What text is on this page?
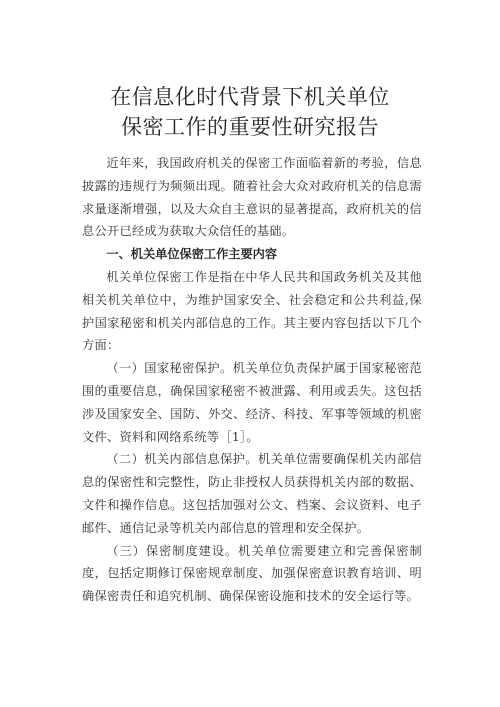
在信息化时代背景下机关单位
保密工作的重要性研究报告

近年来，我国政府机关的保密工作面临着新的考验，信息披露的违规行为频频出现。随着社会大众对政府机关的信息需求量逐渐增强，以及大众自主意识的显著提高，政府机关的信息公开已经成为获取大众信任的基础。

一、机关单位保密工作主要内容

机关单位保密工作是指在中华人民共和国政务机关及其他相关机关单位中，为维护国家安全、社会稳定和公共利益,保护国家秘密和机关内部信息的工作。其主要内容包括以下几个方面：

（一）国家秘密保护。机关单位负责保护属于国家秘密范围的重要信息，确保国家秘密不被泄露、利用或丢失。这包括涉及国家安全、国防、外交、经济、科技、军事等领域的机密文件、资料和网络系统等［1］。

（二）机关内部信息保护。机关单位需要确保机关内部信息的保密性和完整性，防止非授权人员获得机关内部的数据、文件和操作信息。这包括加强对公文、档案、会议资料、电子邮件、通信记录等机关内部信息的管理和安全保护。

（三）保密制度建设。机关单位需要建立和完善保密制度，包括定期修订保密规章制度、加强保密意识教育培训、明确保密责任和追究机制、确保保密设施和技术的安全运行等。
